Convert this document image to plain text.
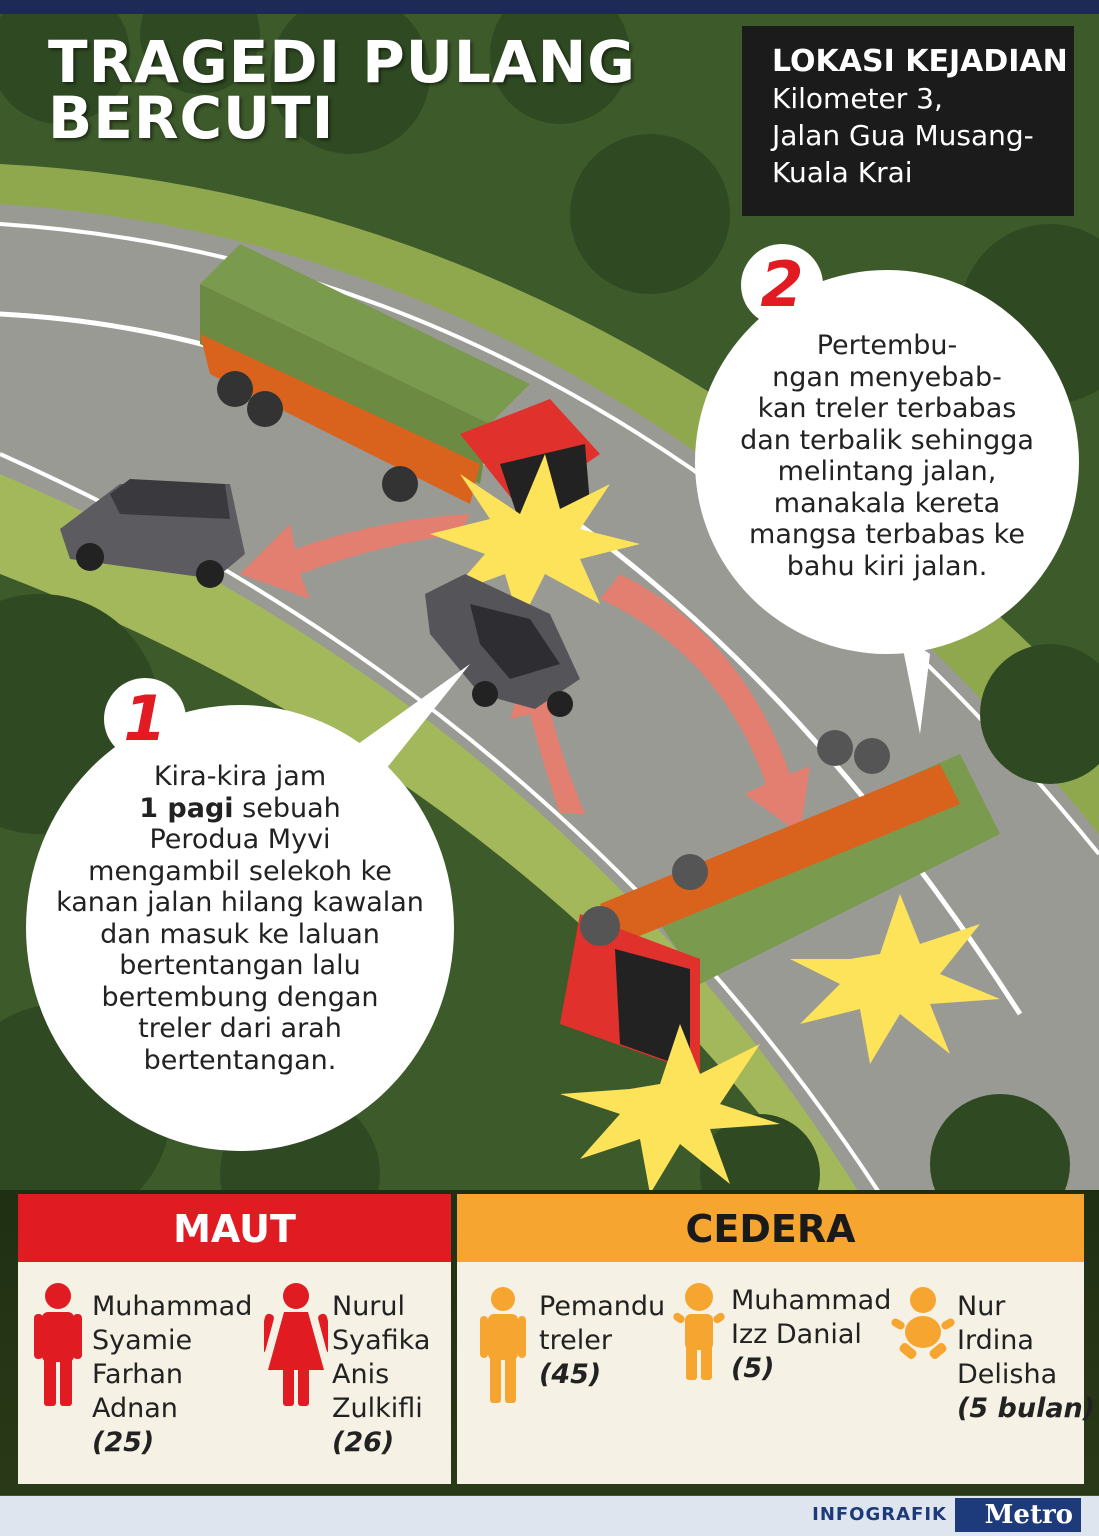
TRAGEDI PULANG
BERCUTI
LOKASI KEJADIAN
Kilometer 3,
Jalan Gua Musang-
Kuala Krai
Pertembu-
ngan menyebab-
kan treler terbabas
dan terbalik sehingga
melintang jalan,
manakala kereta
mangsa terbabas ke
bahu kiri jalan.
2
Kira-kira jam
1 pagi sebuah
Perodua Myvi
mengambil selekoh ke
kanan jalan hilang kawalan
dan masuk ke laluan
bertentangan lalu
bertembung dengan
treler dari arah
bertentangan.
1
MAUT
Muhammad
Syamie
Farhan
Adnan
(25)
Nurul
Syafika
Anis
Zulkifli
(26)
CEDERA
Pemandu
treler
(45)
Muhammad
Izz Danial
(5)
Nur
Irdina
Delisha
(5 bulan)
INFOGRAFIK	Metro
